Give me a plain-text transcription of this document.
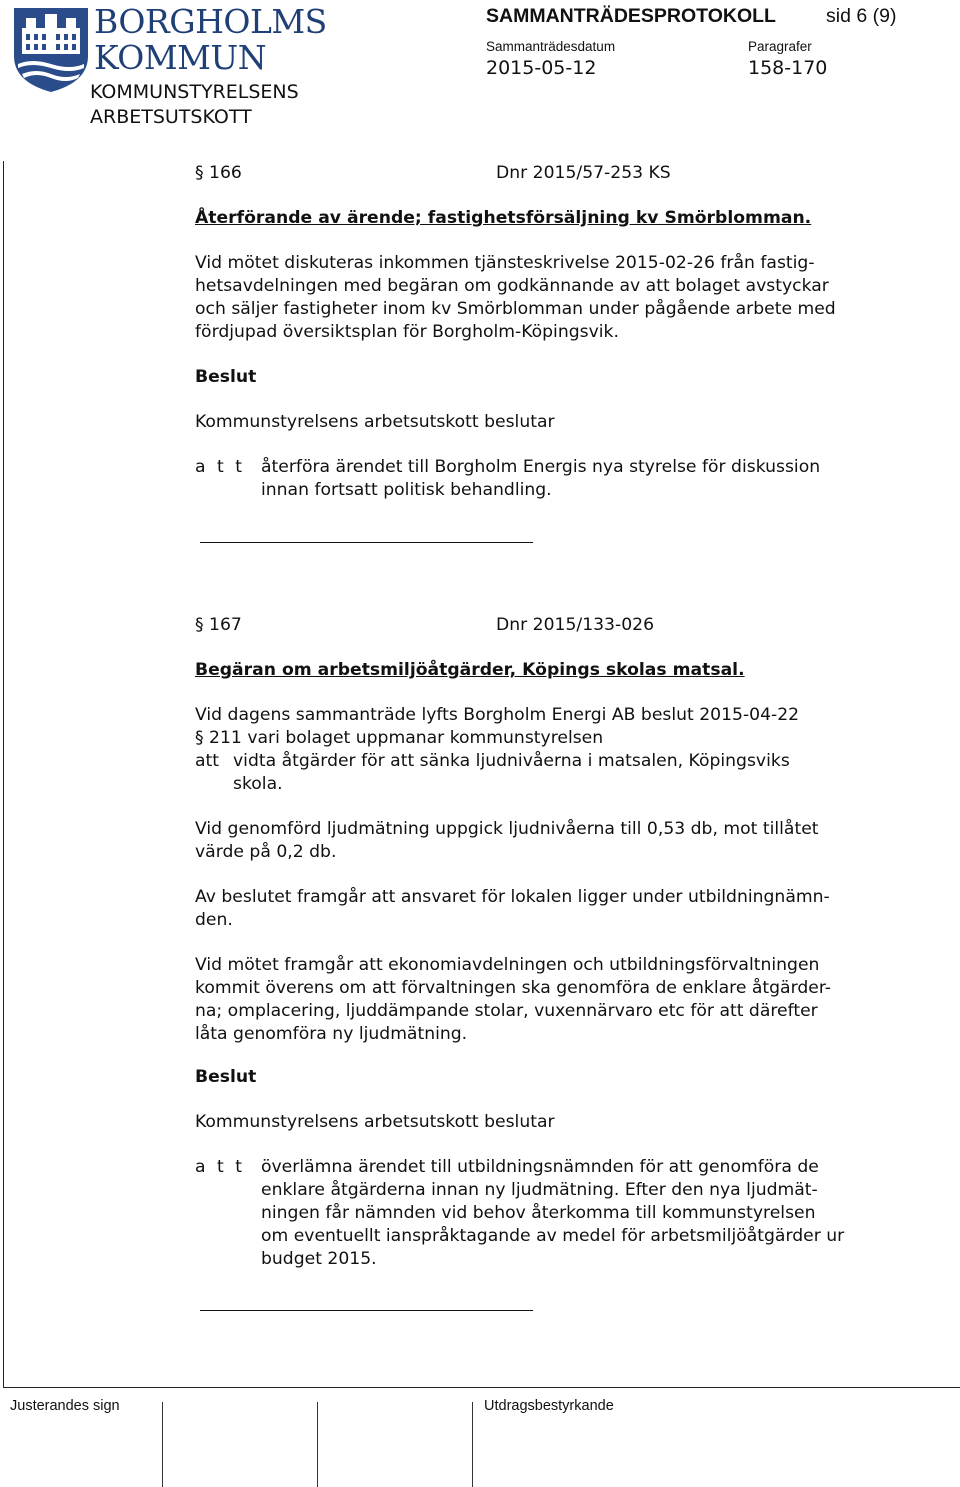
BORGHOLMS
KOMMUN
KOMMUNSTYRELSENS
ARBETSUTSKOTT
SAMMANTRÄDESPROTOKOLL	sid 6 (9)
Sammanträdesdatum	Paragrafer
2015-05-12	158-170
§ 166	Dnr 2015/57-253 KS
Återförande av ärende; fastighetsförsäljning kv Smörblomman.
Vid mötet diskuteras inkommen tjänsteskrivelse 2015-02-26 från fastig-
hetsavdelningen med begäran om godkännande av att bolaget avstyckar
och säljer fastigheter inom kv Smörblomman under pågående arbete med
fördjupad översiktsplan för Borgholm-Köpingsvik.
Beslut
Kommunstyrelsens arbetsutskott beslutar
a t t återföra ärendet till Borgholm Energis nya styrelse för diskussion
innan fortsatt politisk behandling.
§ 167	Dnr 2015/133-026
Begäran om arbetsmiljöåtgärder, Köpings skolas matsal.
Vid dagens sammanträde lyfts Borgholm Energi AB beslut 2015-04-22
§ 211 vari bolaget uppmanar kommunstyrelsen
att vidta åtgärder för att sänka ljudnivåerna i matsalen, Köpingsviks
skola.
Vid genomförd ljudmätning uppgick ljudnivåerna till 0,53 db, mot tillåtet
värde på 0,2 db.
Av beslutet framgår att ansvaret för lokalen ligger under utbildningnämn-
den.
Vid mötet framgår att ekonomiavdelningen och utbildningsförvaltningen
kommit överens om att förvaltningen ska genomföra de enklare åtgärder-
na; omplacering, ljuddämpande stolar, vuxennärvaro etc för att därefter
låta genomföra ny ljudmätning.
Beslut
Kommunstyrelsens arbetsutskott beslutar
a t t överlämna ärendet till utbildningsnämnden för att genomföra de
enklare åtgärderna innan ny ljudmätning. Efter den nya ljudmät-
ningen får nämnden vid behov återkomma till kommunstyrelsen
om eventuellt ianspråktagande av medel för arbetsmiljöåtgärder ur
budget 2015.
Justerandes sign	Utdragsbestyrkande
